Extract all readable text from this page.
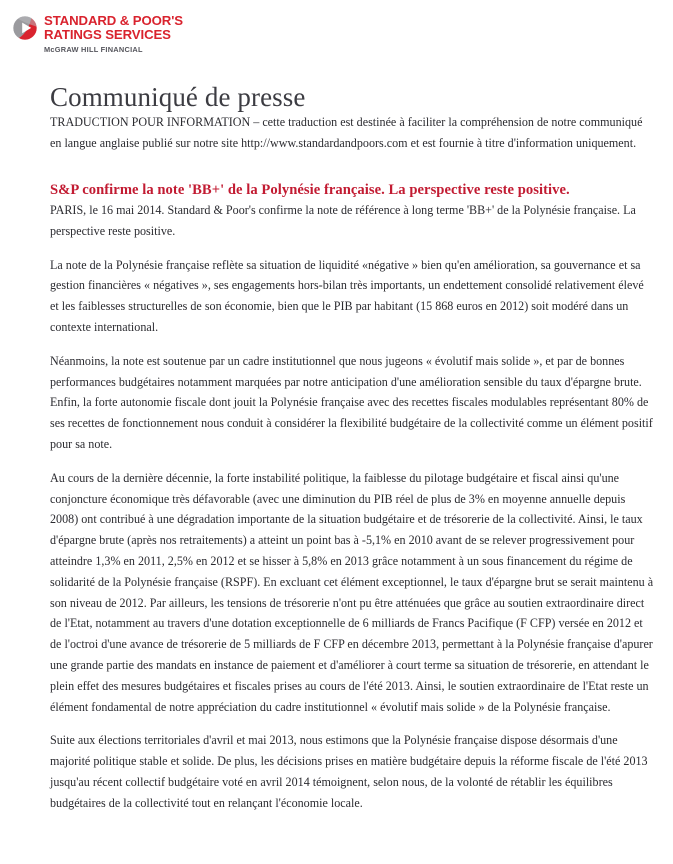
STANDARD & POOR'S
RATINGS SERVICES
McGRAW HILL FINANCIAL
Communiqué de presse

TRADUCTION POUR INFORMATION – cette traduction est destinée à faciliter la compréhension de notre communiqué en langue anglaise publié sur notre site http://www.standardandpoors.com et est fournie à titre d'information uniquement.

S&P confirme la note 'BB+' de la Polynésie française. La perspective reste positive.

PARIS, le 16 mai 2014. Standard & Poor's confirme la note de référence à long terme 'BB+' de la Polynésie française. La perspective reste positive.

La note de la Polynésie française reflète sa situation de liquidité «négative » bien qu'en amélioration, sa gouvernance et sa gestion financières « négatives », ses engagements hors-bilan très importants, un endettement consolidé relativement élevé et les faiblesses structurelles de son économie, bien que le PIB par habitant (15 868 euros en 2012) soit modéré dans un contexte international.

Néanmoins, la note est soutenue par un cadre institutionnel que nous jugeons « évolutif mais solide », et par de bonnes performances budgétaires notamment marquées par notre anticipation d'une amélioration sensible du taux d'épargne brute. Enfin, la forte autonomie fiscale dont jouit la Polynésie française avec des recettes fiscales modulables représentant 80% de ses recettes de fonctionnement nous conduit à considérer la flexibilité budgétaire de la collectivité comme un élément positif pour sa note.

Au cours de la dernière décennie, la forte instabilité politique, la faiblesse du pilotage budgétaire et fiscal ainsi qu'une conjoncture économique très défavorable (avec une diminution du PIB réel de plus de 3% en moyenne annuelle depuis 2008) ont contribué à une dégradation importante de la situation budgétaire et de trésorerie de la collectivité. Ainsi, le taux d'épargne brute (après nos retraitements) a atteint un point bas à -5,1% en 2010 avant de se relever progressivement pour atteindre 1,3% en 2011, 2,5% en 2012 et se hisser à 5,8% en 2013 grâce notamment à un sous financement du régime de solidarité de la Polynésie française (RSPF). En excluant cet élément exceptionnel, le taux d'épargne brut se serait maintenu à son niveau de 2012. Par ailleurs, les tensions de trésorerie n'ont pu être atténuées que grâce au soutien extraordinaire direct de l'Etat, notamment au travers d'une dotation exceptionnelle de 6 milliards de Francs Pacifique (F CFP) versée en 2012 et de l'octroi d'une avance de trésorerie de 5 milliards de F CFP en décembre 2013, permettant à la Polynésie française d'apurer une grande partie des mandats en instance de paiement et d'améliorer à court terme sa situation de trésorerie, en attendant le plein effet des mesures budgétaires et fiscales prises au cours de l'été 2013. Ainsi, le soutien extraordinaire de l'Etat reste un élément fondamental de notre appréciation du cadre institutionnel « évolutif mais solide » de la Polynésie française.

Suite aux élections territoriales d'avril et mai 2013, nous estimons que la Polynésie française dispose désormais d'une majorité politique stable et solide. De plus, les décisions prises en matière budgétaire depuis la réforme fiscale de l'été 2013 jusqu'au récent collectif budgétaire voté en avril 2014 témoignent, selon nous, de la volonté de rétablir les équilibres budgétaires de la collectivité tout en relançant l'économie locale.
